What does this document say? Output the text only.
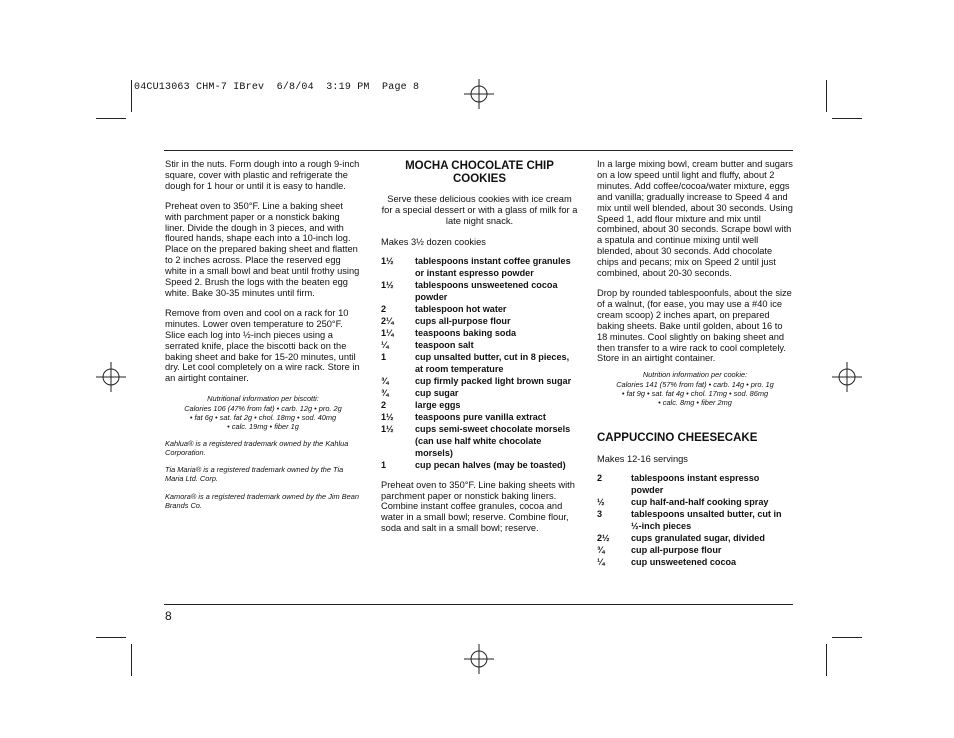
04CU13063 CHM-7 IBrev  6/8/04  3:19 PM  Page 8

Stir in the nuts. Form dough into a rough 9-inch square, cover with plastic and refrigerate the dough for 1 hour or until it is easy to handle.

Preheat oven to 350°F. Line a baking sheet with parchment paper or a nonstick baking liner. Divide the dough in 3 pieces, and with floured hands, shape each into a 10-inch log. Place on the prepared baking sheet and flatten to 2 inches across. Place the reserved egg white in a small bowl and beat until frothy using Speed 2. Brush the logs with the beaten egg white. Bake 30-35 minutes until firm.

Remove from oven and cool on a rack for 10 minutes. Lower oven temperature to 250°F. Slice each log into ½-inch pieces using a serrated knife, place the biscotti back on the baking sheet and bake for 15-20 minutes, until dry. Let cool completely on a wire rack. Store in an airtight container.

Nutritional information per biscotti:
Calories 106 (47% from fat) • carb. 12g • pro. 2g
• fat 6g • sat. fat 2g • chol. 18mg • sod. 40mg
• calc. 19mg • fiber 1g

Kahlua® is a registered trademark owned by the Kahlua Corporation.

Tia Maria® is a registered trademark owned by the Tia Maria Ltd. Corp.

Kamora® is a registered trademark owned by the Jim Bean Brands Co.

MOCHA CHOCOLATE CHIP
COOKIES

Serve these delicious cookies with ice cream for a special dessert or with a glass of milk for a late night snack.

Makes 3½ dozen cookies

1½	tablespoons instant coffee granules or instant espresso powder
1½	tablespoons unsweetened cocoa powder
2	tablespoon hot water
2¼	cups all-purpose flour
1¼	teaspoons baking soda
¼	teaspoon salt
1	cup unsalted butter, cut in 8 pieces, at room temperature
¾	cup firmly packed light brown sugar
¾	cup sugar
2	large eggs
1½	teaspoons pure vanilla extract
1½	cups semi-sweet chocolate morsels (can use half white chocolate morsels)
1	cup pecan halves (may be toasted)

Preheat oven to 350°F. Line baking sheets with parchment paper or nonstick baking liners. Combine instant coffee granules, cocoa and water in a small bowl; reserve. Combine flour, soda and salt in a small bowl; reserve.

In a large mixing bowl, cream butter and sugars on a low speed until light and fluffy, about 2 minutes. Add coffee/cocoa/water mixture, eggs and vanilla; gradually increase to Speed 4 and mix until well blended, about 30 seconds. Using Speed 1, add flour mixture and mix until combined, about 30 seconds. Scrape bowl with a spatula and continue mixing until well blended, about 30 seconds. Add chocolate chips and pecans; mix on Speed 2 until just combined, about 20-30 seconds.

Drop by rounded tablespoonfuls, about the size of a walnut, (for ease, you may use a #40 ice cream scoop) 2 inches apart, on prepared baking sheets. Bake until golden, about 16 to 18 minutes. Cool slightly on baking sheet and then transfer to a wire rack to cool completely. Store in an airtight container.

Nutrition information per cookie:
Calories 141 (57% from fat) • carb. 14g • pro. 1g
• fat 9g • sat. fat 4g • chol. 17mg • sod. 86mg
• calc. 8mg • fiber 2mg
CAPPUCCINO CHEESECAKE

Makes 12-16 servings

2	tablespoons instant espresso powder
½	cup half-and-half cooking spray
3	tablespoons unsalted butter, cut in ½-inch pieces
2½	cups granulated sugar, divided
¾	cup all-purpose flour
¼	cup unsweetened cocoa
8
